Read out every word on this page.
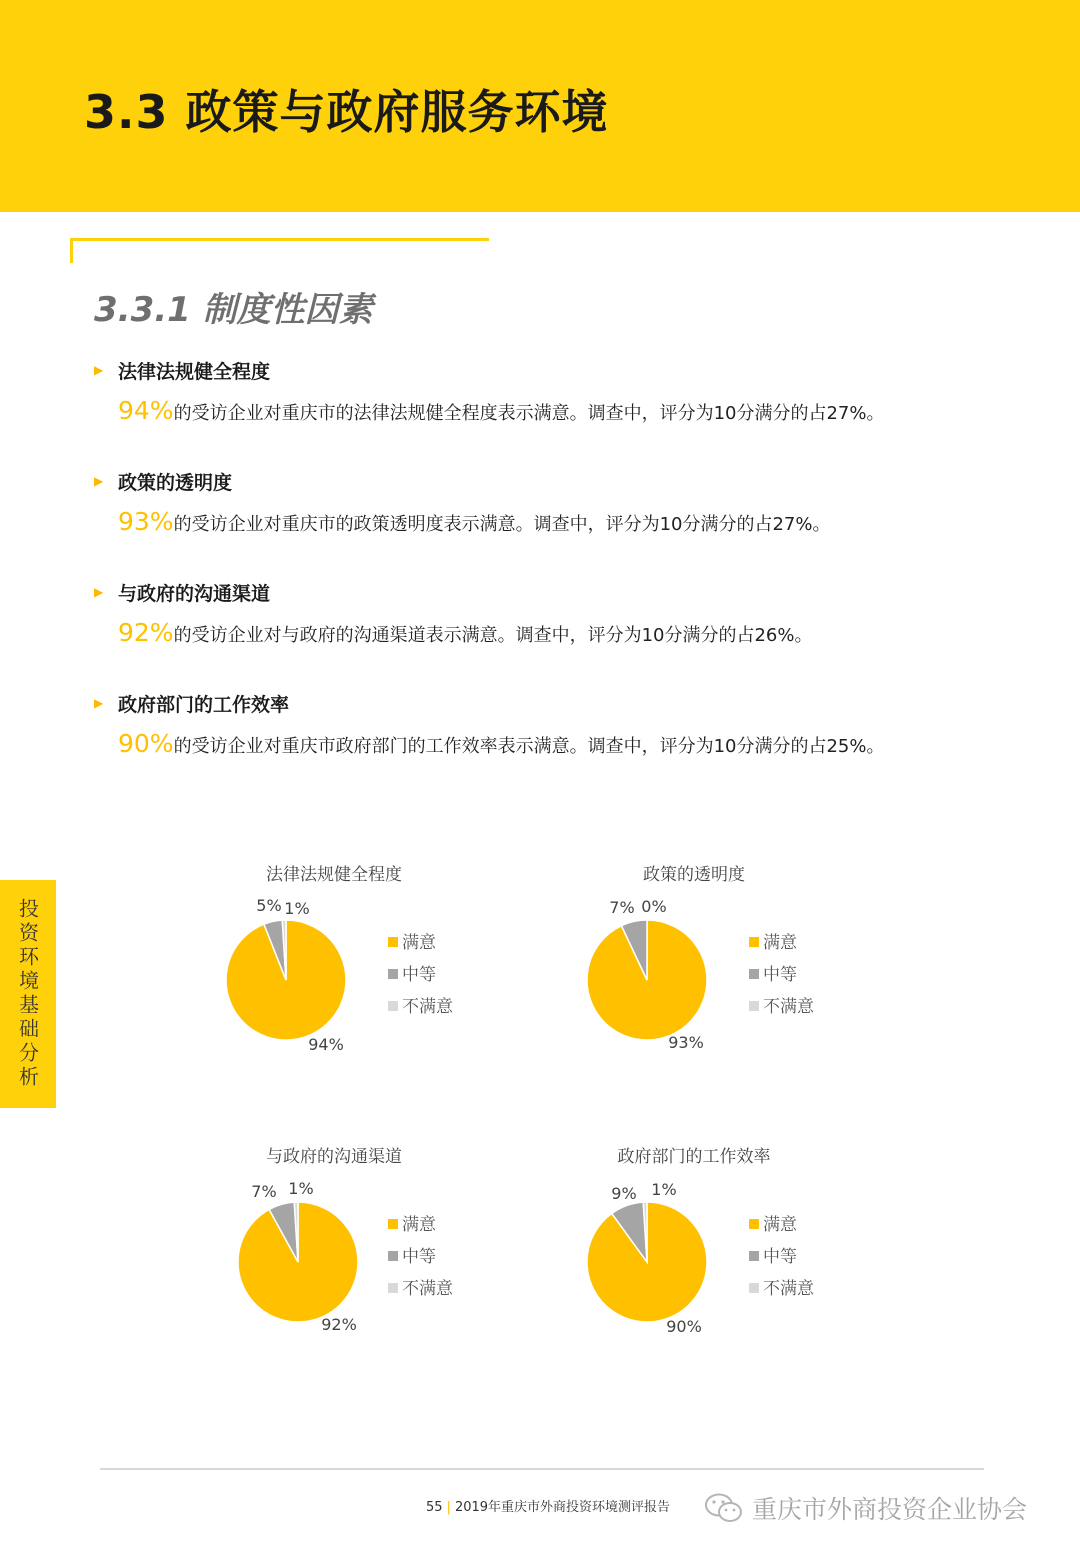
3.3 政策与政府服务环境
3.3.1 制度性因素
▶ 法律法规健全程度
94%的受访企业对重庆市的法律法规健全程度表示满意。调查中，评分为10分满分的占27%。
▶ 政策的透明度
93%的受访企业对重庆市的政策透明度表示满意。调查中，评分为10分满分的占27%。
▶ 与政府的沟通渠道
92%的受访企业对与政府的沟通渠道表示满意。调查中，评分为10分满分的占26%。
▶ 政府部门的工作效率
90%的受访企业对重庆市政府部门的工作效率表示满意。调查中，评分为10分满分的占25%。
投资环境基础分析
法律法规健全程度
94%
5% 1%
满意
中等
不满意
政策的透明度
93%
7% 0%
满意
中等
不满意
与政府的沟通渠道
92%
7% 1%
满意
中等
不满意
政府部门的工作效率
90%
9% 1%
满意
中等
不满意
55 | 2019年重庆市外商投资环境测评报告	重庆市外商投资企业协会
